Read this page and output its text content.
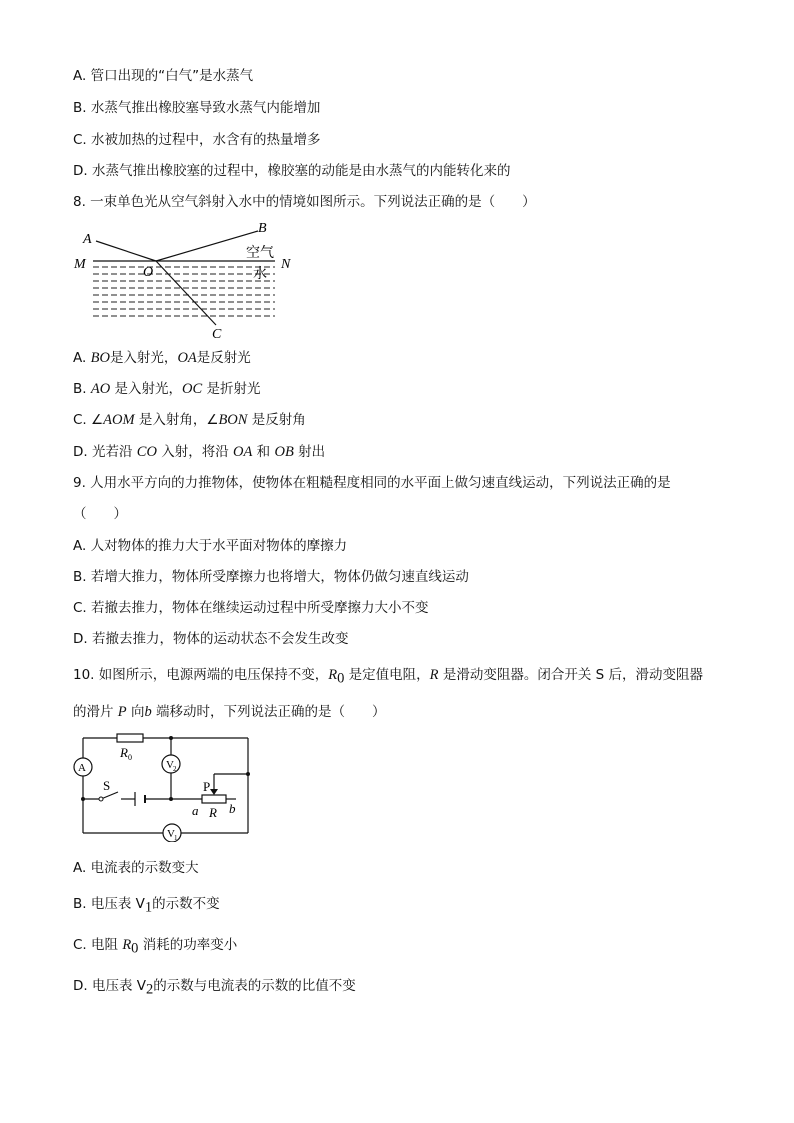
A. 管口出现的“白气”是水蒸气
B. 水蒸气推出橡胶塞导致水蒸气内能增加
C. 水被加热的过程中，水含有的热量增多
D. 水蒸气推出橡胶塞的过程中，橡胶塞的动能是由水蒸气的内能转化来的
8. 一束单色光从空气斜射入水中的情境如图所示。下列说法正确的是（　　）
A
B
M	N
O
C
空气
水
A. BO是入射光，OA是反射光
B. AO 是入射光，OC 是折射光
C. ∠AOM 是入射角，∠BON 是反射角
D. 光若沿 CO 入射，将沿 OA 和 OB 射出
9. 人用水平方向的力推物体，使物体在粗糙程度相同的水平面上做匀速直线运动，下列说法正确的是
（　　）
A. 人对物体的推力大于水平面对物体的摩擦力
B. 若增大推力，物体所受摩擦力也将增大，物体仍做匀速直线运动
C. 若撤去推力，物体在继续运动过程中所受摩擦力大小不变
D. 若撤去推力，物体的运动状态不会发生改变
10. 如图所示，电源两端的电压保持不变，$R_0$ 是定值电阻，R 是滑动变阻器。闭合开关 S 后，滑动变阻器
的滑片 P 向b 端移动时，下列说法正确的是（　　）
R 0
A	V 2
V 1
S	P
a R b
A. 电流表的示数变大
B. 电压表 $V_1$的示数不变
C. 电阻 $R_0$ 消耗的功率变小
D. 电压表 $V_2$的示数与电流表的示数的比值不变
